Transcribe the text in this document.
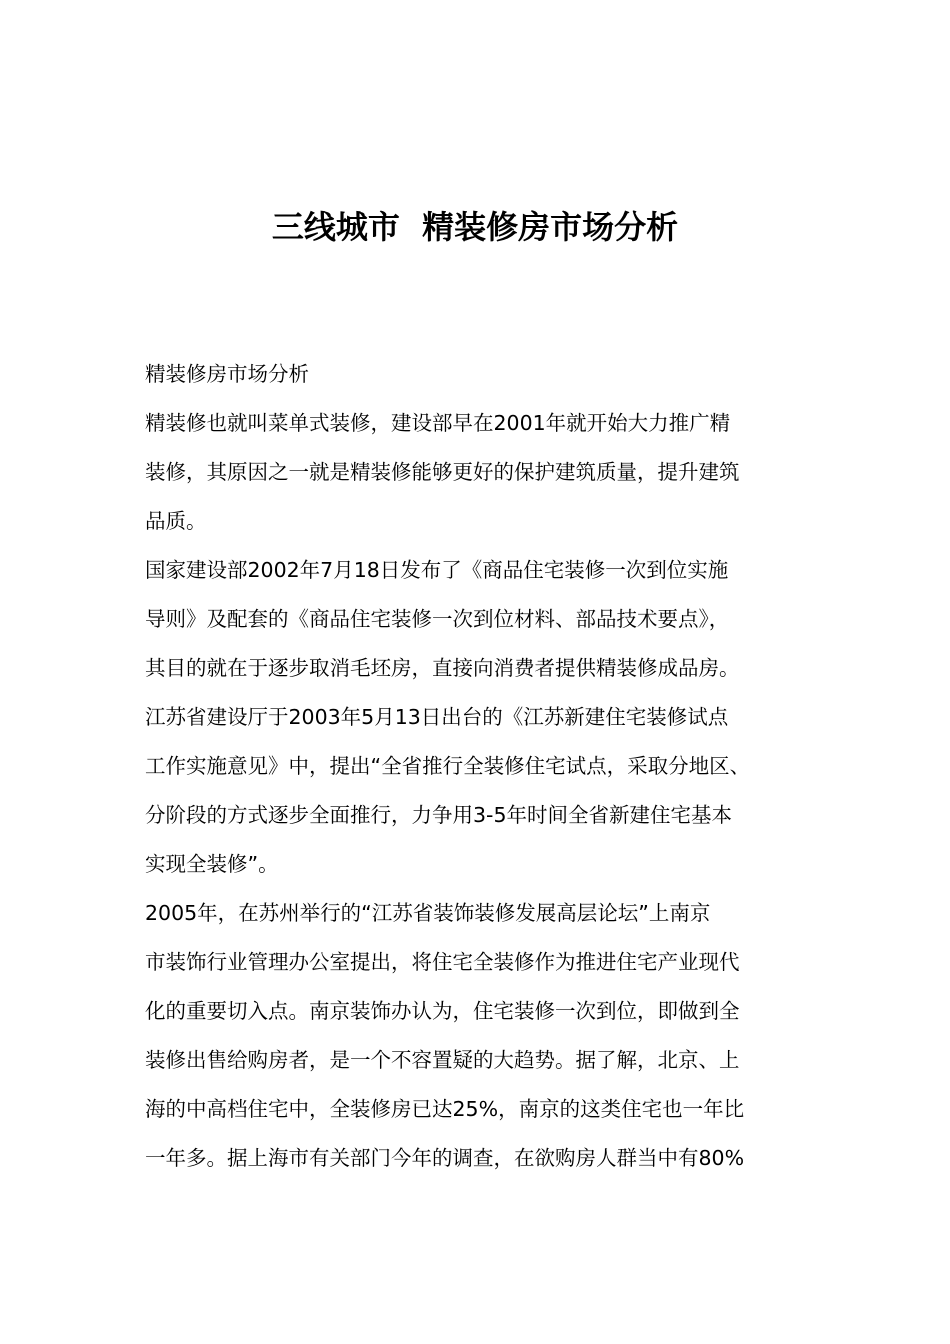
三线城市  精装修房市场分析
精装修房市场分析
精装修也就叫菜单式装修，建设部早在2001年就开始大力推广精
装修，其原因之一就是精装修能够更好的保护建筑质量，提升建筑
品质。
国家建设部2002年7月18日发布了《商品住宅装修一次到位实施
导则》及配套的《商品住宅装修一次到位材料、部品技术要点》，
其目的就在于逐步取消毛坯房，直接向消费者提供精装修成品房。
江苏省建设厅于2003年5月13日出台的《江苏新建住宅装修试点
工作实施意见》中，提出“全省推行全装修住宅试点，采取分地区、
分阶段的方式逐步全面推行，力争用3-5年时间全省新建住宅基本
实现全装修”。
2005年，在苏州举行的“江苏省装饰装修发展高层论坛”上南京
市装饰行业管理办公室提出，将住宅全装修作为推进住宅产业现代
化的重要切入点。南京装饰办认为，住宅装修一次到位，即做到全
装修出售给购房者，是一个不容置疑的大趋势。据了解，北京、上
海的中高档住宅中，全装修房已达25%，南京的这类住宅也一年比
一年多。据上海市有关部门今年的调查，在欲购房人群当中有80%
